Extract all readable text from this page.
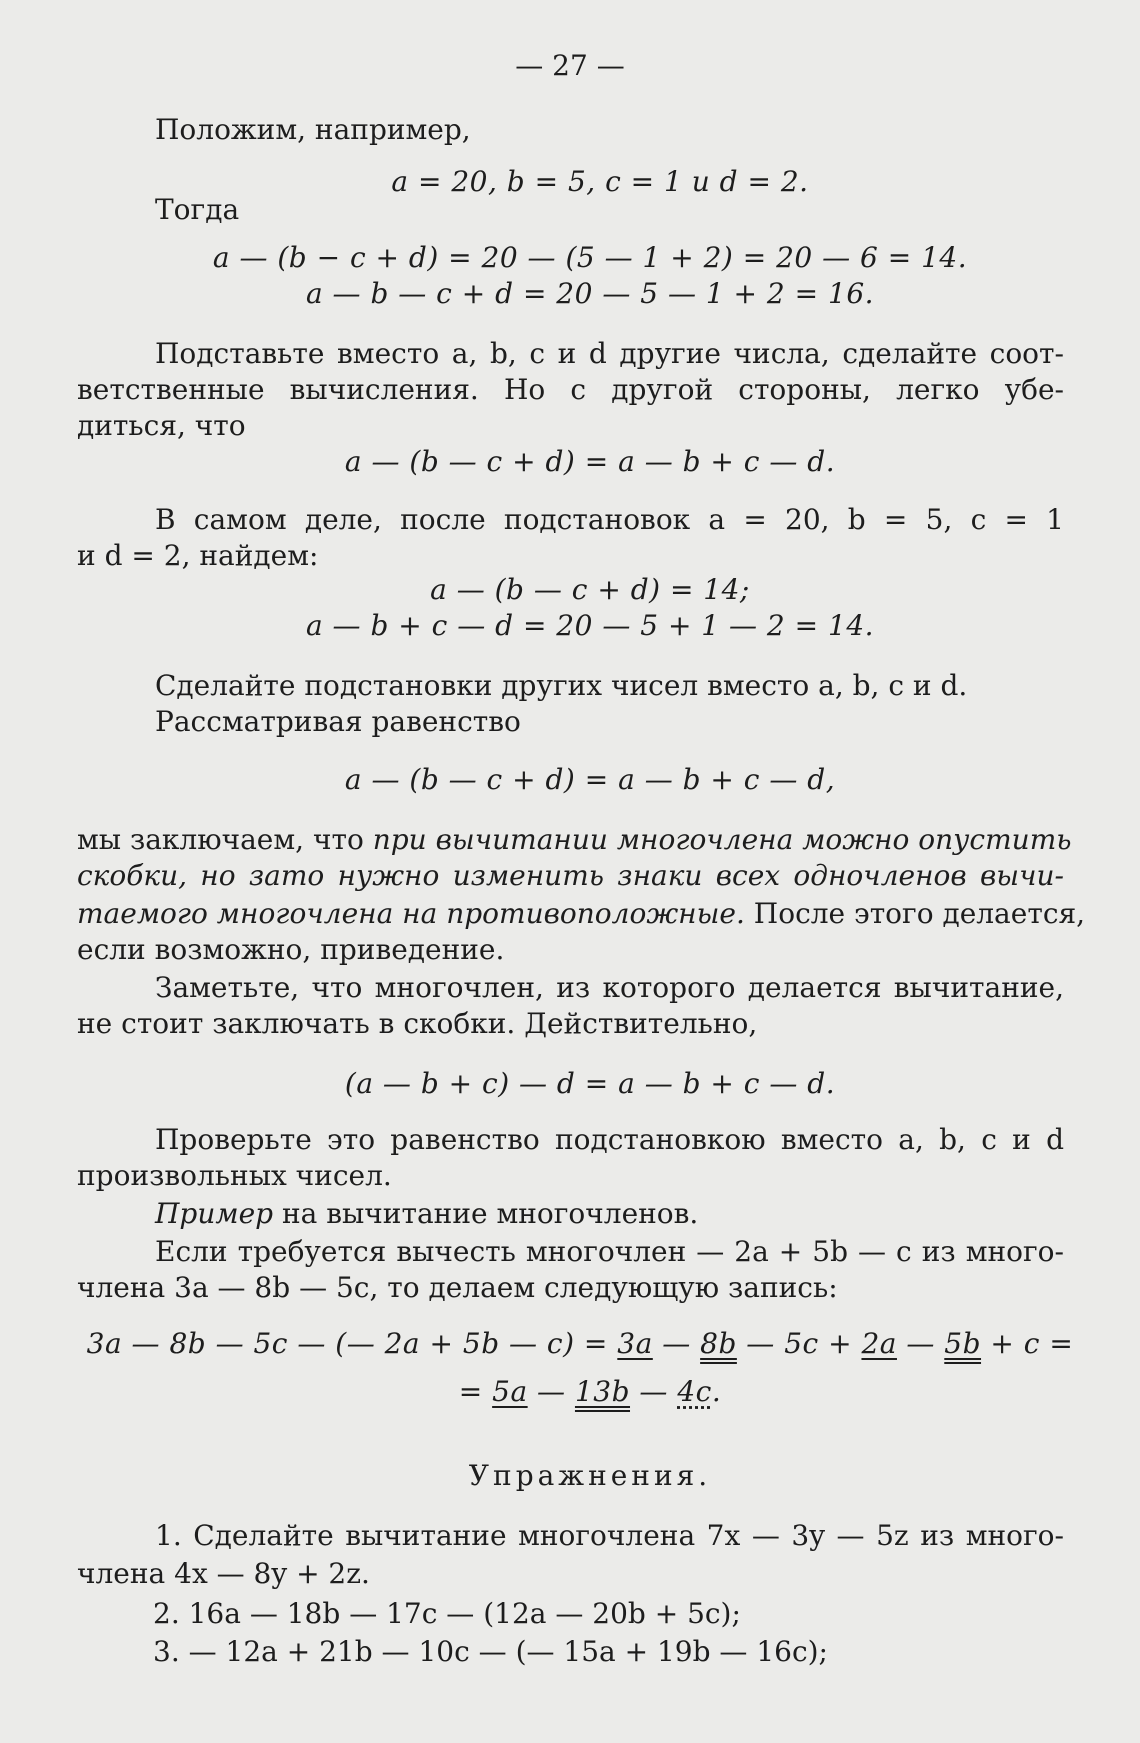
— 27 —
Положим, например,
a = 20, b = 5, c = 1 и d = 2.
Тогда
a — (b − c + d) = 20 — (5 — 1 + 2) = 20 — 6 = 14.
a — b — c + d = 20 — 5 — 1 + 2 = 16.
Подставьте вместо a, b, c и d другие числа, сделайте соот-
ветственные вычисления. Но с другой стороны, легко убе-
диться, что
a — (b — c + d) = a — b + c — d.
В самом деле, после подстановок a = 20, b = 5, c = 1
и d = 2, найдем:
a — (b — c + d) = 14;
a — b + c — d = 20 — 5 + 1 — 2 = 14.
Сделайте подстановки других чисел вместо a, b, c и d.
Рассматривая равенство
a — (b — c + d) = a — b + c — d,
мы заключаем, что при вычитании многочлена можно опустить
скобки, но зато нужно изменить знаки всех одночленов вычи-
таемого многочлена на противоположные. После этого делается,
если возможно, приведение.
Заметьте, что многочлен, из которого делается вычитание,
не стоит заключать в скобки. Действительно,
(a — b + c) — d = a — b + c — d.
Проверьте это равенство подстановкою вместо a, b, c и d
произвольных чисел.
Пример на вычитание многочленов.
Если требуется вычесть многочлен — 2a + 5b — c из много-
члена 3a — 8b — 5c, то делаем следующую запись:
3a — 8b — 5c — (— 2a + 5b — c) = 3a — 8b — 5c + 2a — 5b + c =
= 5a — 13b — 4c.
Упражнения.
1. Сделайте вычитание многочлена 7x — 3y — 5z из много-
члена 4x — 8y + 2z.
2. 16a — 18b — 17c — (12a — 20b + 5c);
3. — 12a + 21b — 10c — (— 15a + 19b — 16c);
